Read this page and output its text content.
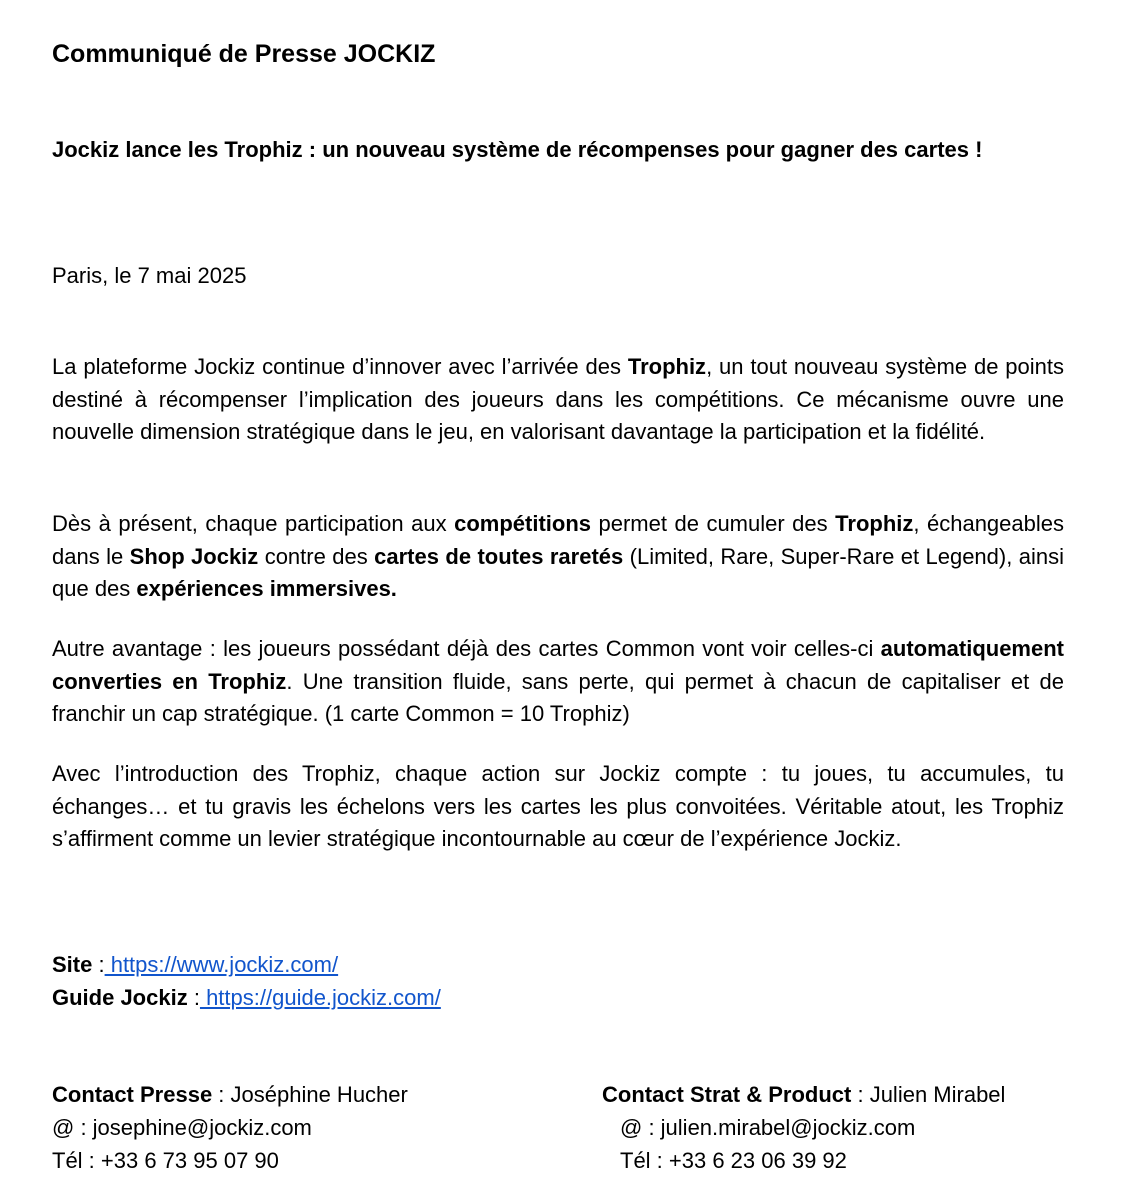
Communiqué de Presse JOCKIZ
Jockiz lance les Trophiz : un nouveau système de récompenses pour gagner des cartes !
Paris, le 7 mai 2025
La plateforme Jockiz continue d’innover avec l’arrivée des Trophiz, un tout nouveau système de points destiné à récompenser l’implication des joueurs dans les compétitions. Ce mécanisme ouvre une nouvelle dimension stratégique dans le jeu, en valorisant davantage la participation et la fidélité.
Dès à présent, chaque participation aux compétitions permet de cumuler des Trophiz, échangeables dans le Shop Jockiz contre des cartes de toutes raretés (Limited, Rare, Super-Rare et Legend), ainsi que des expériences immersives.
Autre avantage : les joueurs possédant déjà des cartes Common vont voir celles-ci automatiquement converties en Trophiz. Une transition fluide, sans perte, qui permet à chacun de capitaliser et de franchir un cap stratégique. (1 carte Common = 10 Trophiz)
Avec l’introduction des Trophiz, chaque action sur Jockiz compte : tu joues, tu accumules, tu échanges… et tu gravis les échelons vers les cartes les plus convoitées. Véritable atout, les Trophiz s’affirment comme un levier stratégique incontournable au cœur de l’expérience Jockiz.
Site : https://www.jockiz.com/
Guide Jockiz : https://guide.jockiz.com/
Contact Presse : Joséphine Hucher
@ : josephine@jockiz.com
Tél : +33 6 73 95 07 90
Contact Strat & Product : Julien Mirabel
@ : julien.mirabel@jockiz.com
Tél : +33 6 23 06 39 92
